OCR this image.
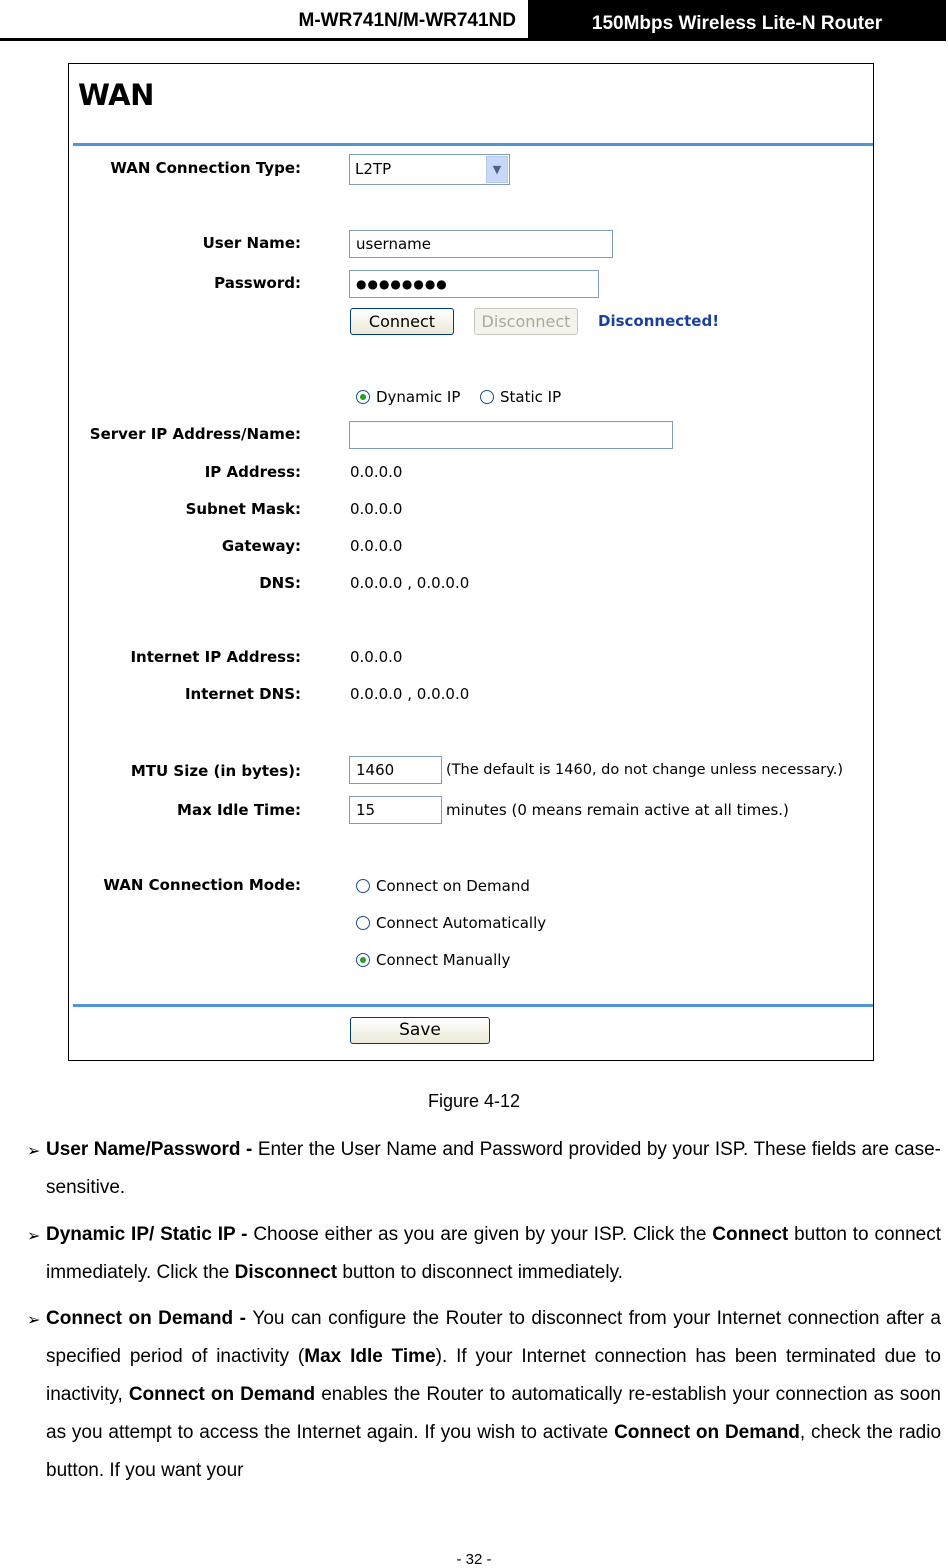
M-WR741N/M-WR741ND	150Mbps Wireless Lite-N Router
WAN
WAN Connection Type:	L2TP	▼
User Name:	username
Password:	●●●●●●●●
Connect	Disconnect	Disconnected!
Dynamic IP	Static IP
Server IP Address/Name:
IP Address:	0.0.0.0
Subnet Mask:	0.0.0.0
Gateway:	0.0.0.0
DNS:	0.0.0.0 , 0.0.0.0
Internet IP Address:	0.0.0.0
Internet DNS:	0.0.0.0 , 0.0.0.0
MTU Size (in bytes):	1460	(The default is 1460, do not change unless necessary.)
Max Idle Time:	15	minutes (0 means remain active at all times.)
WAN Connection Mode:	Connect on Demand
Connect Automatically
Connect Manually
Save
Figure 4-12
➢ User Name/Password - Enter the User Name and Password provided by your ISP. These fields are case-sensitive.
➢ Dynamic IP/ Static IP - Choose either as you are given by your ISP. Click the Connect button to connect immediately. Click the Disconnect button to disconnect immediately.
➢ Connect on Demand - You can configure the Router to disconnect from your Internet connection after a specified period of inactivity (Max Idle Time). If your Internet connection has been terminated due to inactivity, Connect on Demand enables the Router to automatically re-establish your connection as soon as you attempt to access the Internet again. If you wish to activate Connect on Demand, check the radio button. If you want your
- 32 -
